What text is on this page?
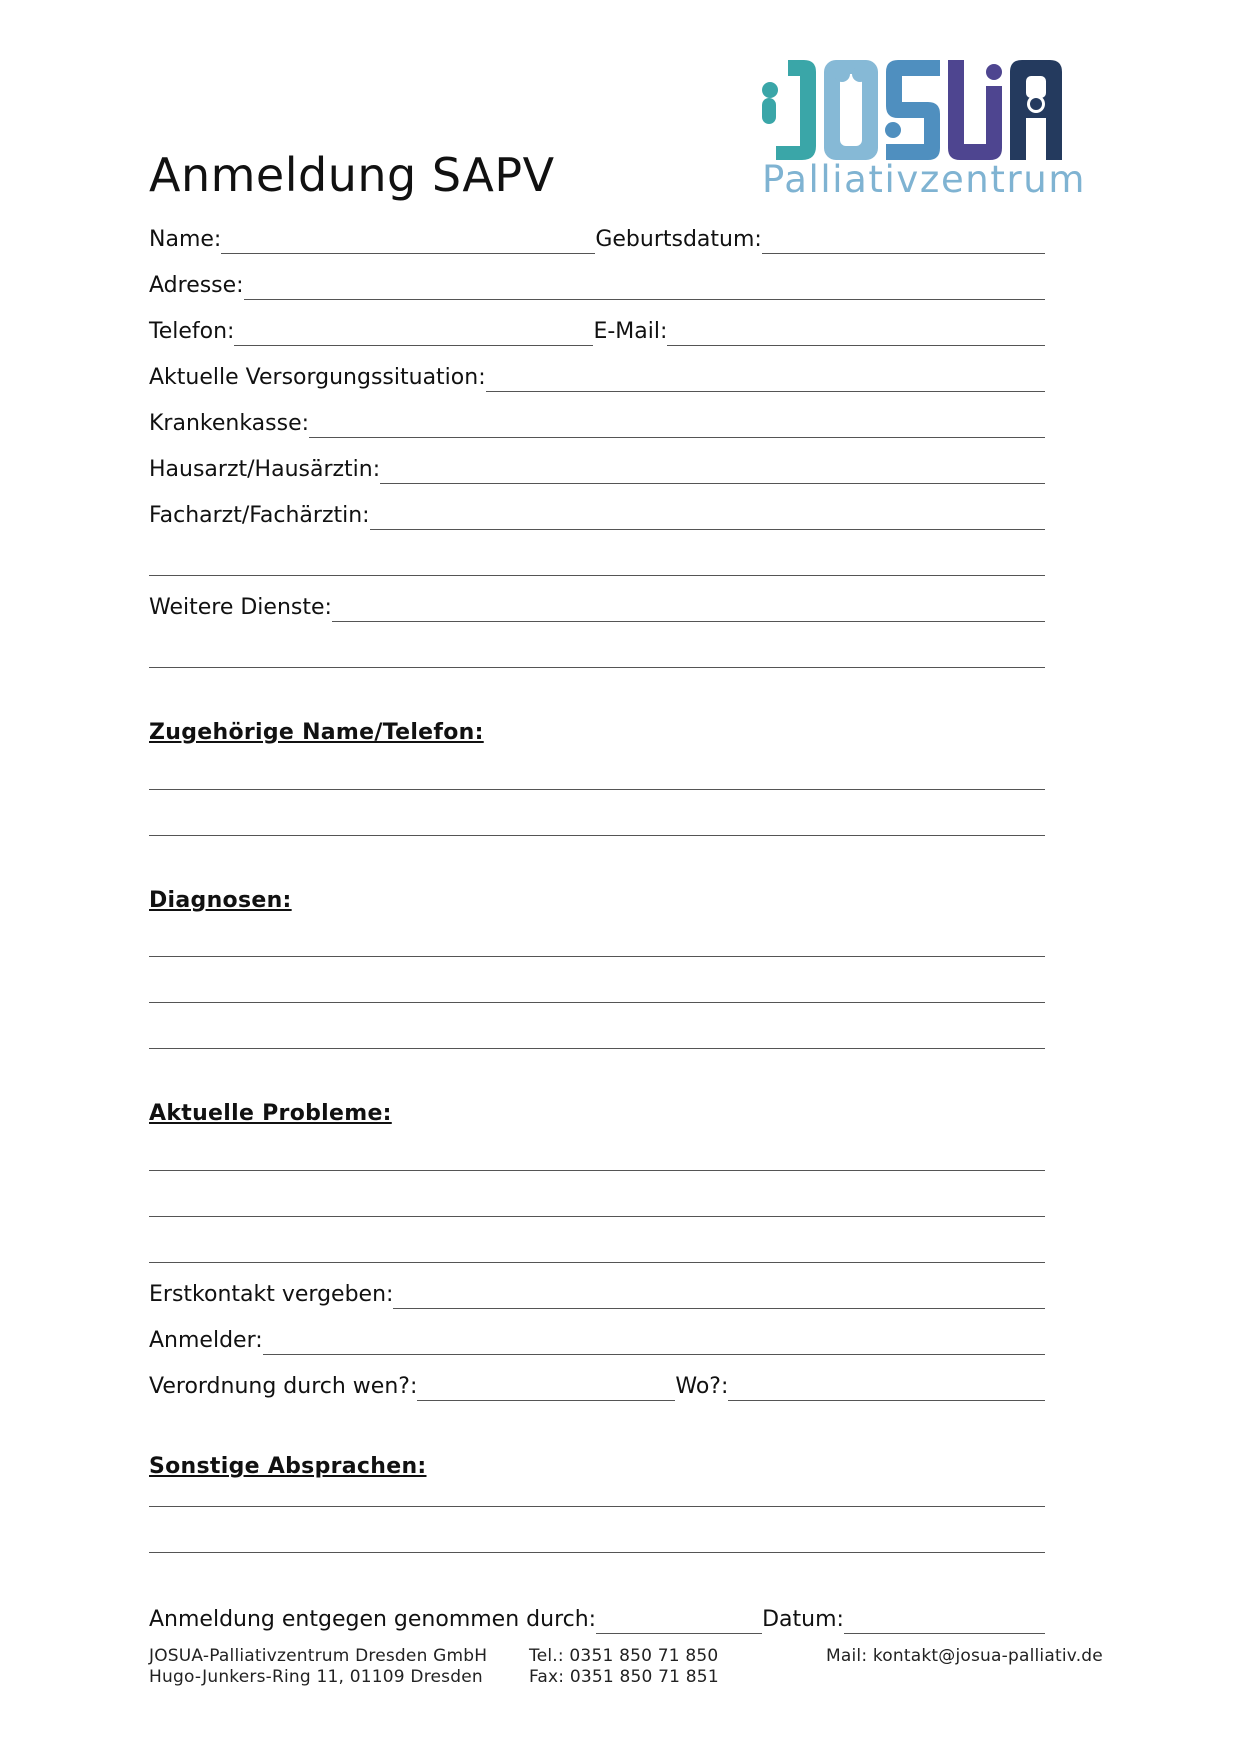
Anmeldung SAPV	Palliativzentrum
Name:	Geburtsdatum:
Adresse:
Telefon:	E-Mail:
Aktuelle Versorgungssituation:
Krankenkasse:
Hausarzt/Hausärztin:
Facharzt/Fachärztin:
Weitere Dienste:
Zugehörige Name/Telefon:
Diagnosen:
Aktuelle Probleme:
Erstkontakt vergeben:
Anmelder:
Verordnung durch wen?:	Wo?:
Sonstige Absprachen:
Anmeldung entgegen genommen durch:	Datum:
JOSUA-Palliativzentrum Dresden GmbH
Hugo-Junkers-Ring 11, 01109 Dresden
Tel.: 0351 850 71 850
Fax: 0351 850 71 851
Mail: kontakt@josua-palliativ.de
